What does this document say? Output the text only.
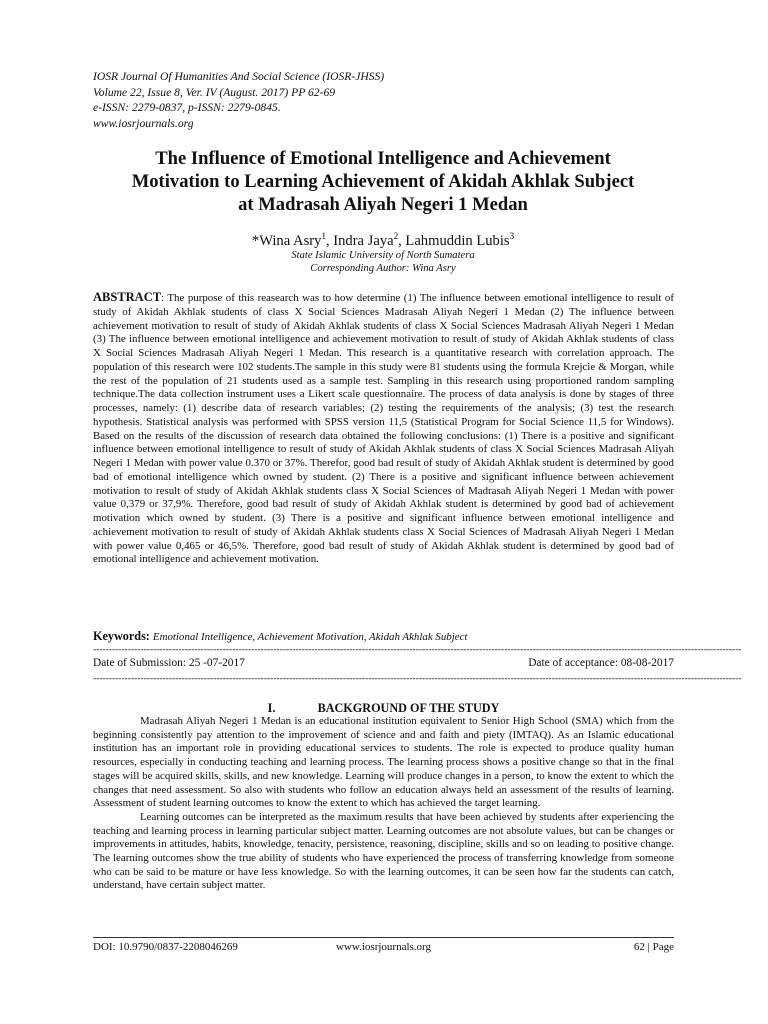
IOSR Journal Of Humanities And Social Science (IOSR-JHSS)
Volume 22, Issue 8, Ver. IV (August. 2017) PP 62-69
e-ISSN: 2279-0837, p-ISSN: 2279-0845.
www.iosrjournals.org
The Influence of Emotional Intelligence and Achievement
Motivation to Learning Achievement of Akidah Akhlak Subject
at Madrasah Aliyah Negeri 1 Medan
*Wina Asry$^1$, Indra Jaya$^2$, Lahmuddin Lubis$^3$
State Islamic University of North Sumatera
Corresponding Author: Wina Asry
ABSTRACT: The purpose of this reasearch was to how determine (1) The influence between emotional intelligence to result of study of Akidah Akhlak students of class X Social Sciences Madrasah Aliyah Negeri 1 Medan (2) The influence between achievement motivation to result of study of Akidah Akhlak students of class X Social Sciences Madrasah Aliyah Negeri 1 Medan (3) The influence between emotional intelligence and achievement motivation to result of study of Akidah Akhlak students of class X Social Sciences Madrasah Aliyah Negeri 1 Medan. This research is a quantitative research with correlation approach. The population of this research were 102 students.The sample in this study were 81 students using the formula Krejcie & Morgan, while the rest of the population of 21 students used as a sample test. Sampling in this research using proportioned random sampling technique.The data collection instrument uses a Likert scale questionnaire. The process of data analysis is done by stages of three processes, namely: (1) describe data of research variables; (2) testing the requirements of the analysis; (3) test the research hypothesis. Statistical analysis was performed with SPSS version 11,5 (Statistical Program for Social Science 11,5 for Windows). Based on the results of the discussion of research data obtained the following conclusions: (1) There is a positive and significant influence between emotional intelligence to result of study of Akidah Akhlak students of class X Social Sciences Madrasah Aliyah Negeri 1 Medan with power value 0.370 or 37%. Therefor, good bad result of study of Akidah Akhlak student is determined by good bad of emotional intelligence which owned by student. (2) There is a positive and significant influence between achievement motivation to result of study of Akidah Akhlak students class X Social Sciences of Madrasah Aliyah Negeri 1 Medan with power value 0,379 or 37,9%. Therefore, good bad result of study of Akidah Akhlak student is determined by good bad of achievement motivation which owned by student. (3) There is a positive and significant influence between emotional intelligence and achievement motivation to result of study of Akidah Akhlak students class X Social Sciences of Madrasah Aliyah Negeri 1 Medan with power value 0,465 or 46,5%. Therefore, good bad result of study of Akidah Akhlak student is determined by good bad of emotional intelligence and achievement motivation.
Keywords: Emotional Intelligence, Achievement Motivation, Akidah Akhlak Subject
-------------------------------------------------------------------------------------------------------------------------------------------------------------------------------------------------------------
Date of Submission: 25 -07-2017	Date of acceptance: 08-08-2017
-------------------------------------------------------------------------------------------------------------------------------------------------------------------------------------------------------------
I.	BACKGROUND OF THE STUDY

Madrasah Aliyah Negeri 1 Medan is an educational institution equivalent to Senior High School (SMA) which from the beginning consistently pay attention to the improvement of science and and faith and piety (IMTAQ). As an Islamic educational institution has an important role in providing educational services to students. The role is expected to produce quality human resources, especially in conducting teaching and learning process. The learning process shows a positive change so that in the final stages will be acquired skills, skills, and new knowledge. Learning will produce changes in a person, to know the extent to which the changes that need assessment. So also with students who follow an education always held an assessment of the results of learning. Assessment of student learning outcomes to know the extent to which has achieved the target learning.

Learning outcomes can be interpreted as the maximum results that have been achieved by students after experiencing the teaching and learning process in learning particular subject matter. Learning outcomes are not absolute values, but can be changes or improvements in attitudes, habits, knowledge, tenacity, persistence, reasoning, discipline, skills and so on leading to positive change. The learning outcomes show the true ability of students who have experienced the process of transferring knowledge from someone who can be said to be mature or have less knowledge. So with the learning outcomes, it can be seen how far the students can catch, understand, have certain subject matter.

DOI: 10.9790/0837-2208046269	www.iosrjournals.org	62 | Page
